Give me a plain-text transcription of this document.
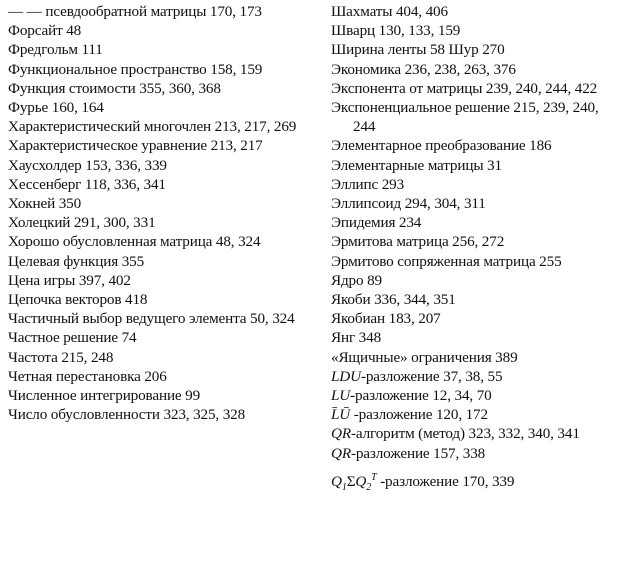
— — псевдообратной матрицы 170, 173
Форсайт 48
Фредгольм 111
Функциональное пространство 158, 159
Функция стоимости 355, 360, 368
Фурье 160, 164
Характеристический многочлен 213, 217, 269
Характеристическое уравнение 213, 217
Хаусхолдер 153, 336, 339
Хессенберг 118, 336, 341
Хокней 350
Холецкий 291, 300, 331
Хорошо обусловленная матрица 48, 324
Целевая функция 355
Цена игры 397, 402
Цепочка векторов 418
Частичный выбор ведущего элемента 50, 324
Частное решение 74
Частота 215, 248
Четная перестановка 206
Численное интегрирование 99
Число обусловленности 323, 325, 328
Шахматы 404, 406
Шварц 130, 133, 159
Ширина ленты 58 Шур 270
Экономика 236, 238, 263, 376
Экспонента от матрицы 239, 240, 244, 422
Экспоненциальное решение 215, 239, 240, 244
Элементарное преобразование 186
Элементарные матрицы 31
Эллипс 293
Эллипсоид 294, 304, 311
Эпидемия 234
Эрмитова матрица 256, 272
Эрмитово сопряженная матрица 255
Ядро 89
Якоби 336, 344, 351
Якобиан 183, 207
Янг 348
«Ящичные» ограничения 389
LDU-разложение 37, 38, 55
LU-разложение 12, 34, 70
L̄Ū -разложение 120, 172
QR-алгоритм (метод) 323, 332, 340, 341
QR-разложение 157, 338
$Q_1\Sigma Q_2^T$ -разложение 170, 339
